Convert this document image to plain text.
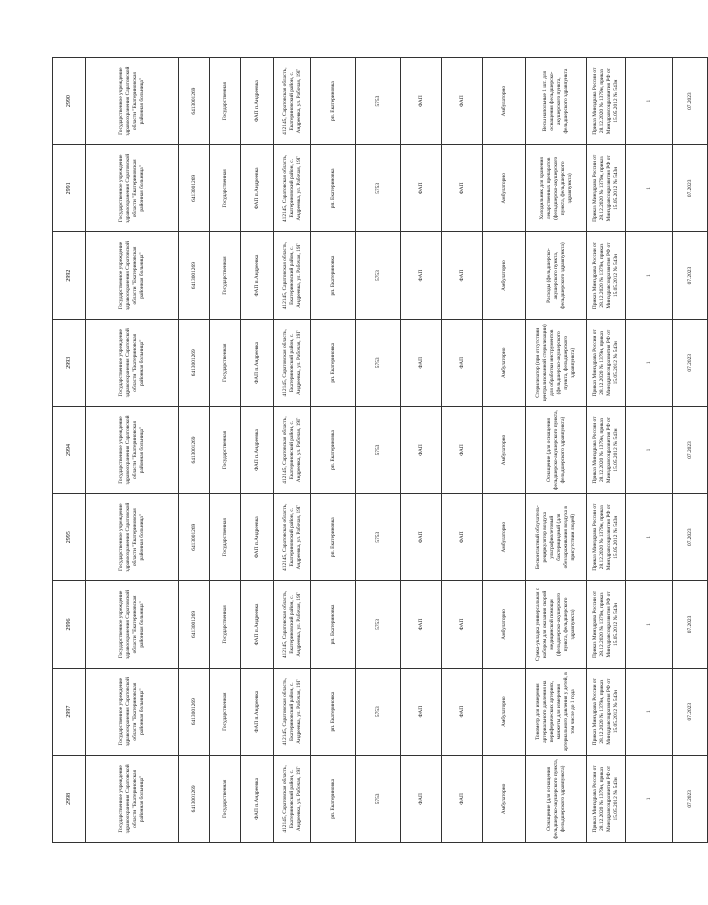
2998	2997	2996	2995	2994	2993	2992	2991	2990
Государственное учреждение здравоохранения Саратовской области "Екатериновская районная больница"	Государственное учреждение здравоохранения Саратовской области "Екатериновская районная больница"	Государственное учреждение здравоохранения Саратовской области "Екатериновская районная больница"	Государственное учреждение здравоохранения Саратовской области "Екатериновская районная больница"	Государственное учреждение здравоохранения Саратовской области "Екатериновская районная больница"	Государственное учреждение здравоохранения Саратовской области "Екатериновская районная больница"	Государственное учреждение здравоохранения Саратовской области "Екатериновская районная больница"	Государственное учреждение здравоохранения Саратовской области "Екатериновская районная больница"	Государственное учреждение здравоохранения Саратовской области "Екатериновская районная больница"
6413001269	6413001269	6413001269	6413001269	6413001269	6413001269	6413001269	6413001269	6413001269
Государственная	Государственная	Государственная	Государственная	Государственная	Государственная	Государственная	Государственная	Государственная
ФАП п.Андреевка	ФАП п.Андреевка	ФАП п.Андреевка	ФАП п.Андреевка	ФАП п.Андреевка	ФАП п.Андреевка	ФАП п.Андреевка	ФАП п.Андреевка	ФАП п.Андреевка
412145, Саратовская область, Екатериновский район, с. Андреевка, ул. Рабочая, 19Г	412145, Саратовская область, Екатериновский район, с. Андреевка, ул. Рабочая, 19Г	412145, Саратовская область, Екатериновский район, с. Андреевка, ул. Рабочая, 19Г	412145, Саратовская область, Екатериновский район, с. Андреевка, ул. Рабочая, 19Г	412145, Саратовская область, Екатериновский район, с. Андреевка, ул. Рабочая, 19Г	412145, Саратовская область, Екатериновский район, с. Андреевка, ул. Рабочая, 19Г	412145, Саратовская область, Екатериновский район, с. Андреевка, ул. Рабочая, 19Г	412145, Саратовская область, Екатериновский район, с. Андреевка, ул. Рабочая, 19Г	412145, Саратовская область, Екатериновский район, с. Андреевка, ул. Рабочая, 19Г
рп. Екатериновка	рп. Екатериновка	рп. Екатериновка	рп. Екатериновка	рп. Екатериновка	рп. Екатериновка	рп. Екатериновка	рп. Екатериновка	рп. Екатериновка
5753	5753	5753	5753	5753	5753	5753	5753	5753
ФАП	ФАП	ФАП	ФАП	ФАП	ФАП	ФАП	ФАП	ФАП
ФАП	ФАП	ФАП	ФАП	ФАП	ФАП	ФАП	ФАП	ФАП
Амбулаторно	Амбулаторно	Амбулаторно	Амбулаторно	Амбулаторно	Амбулаторно	Амбулаторно	Амбулаторно	Амбулаторно
Оснащение (для оснащения фельдшерско-акушерского пункта, фельдшерского здравпункта)	Тонометр для измерения артериального давления на периферических артериях, манжеты для измерения артериального давления у детей, в том числе до 1 года	Сумка-укладка универсальная с набором для оказания скорой медицинской помощи (фельдшерско-акушерского пункта, фельдшерского здравпункта)	Бесконтактный облучатель-рециркулятор воздуха ультрафиолетовый бактерицидный (для обеззараживания воздуха в присутствии людей)	Оснащение (для оснащения фельдшерско-акушерского пункта, фельдшерского здравпункта)	Стерилизатор (при отсутствии централизованной стерилизации) для обработки инструментов (фельдшерско-акушерского пункта, фельдшерского здравпункта)	Расходы (фельдшерско-акушерского пункта, фельдшерского здравпункта)	Холодильник для хранения лекарственных препаратов (фельдшерско-акушерского пункта, фельдшерского здравпункта)	Весы напольные 1 шт. для оснащения фельдшерско-акушерского пункта, фельдшерского здравпункта
Приказ Минздрава России от 28.12.2020 № 1379н, приказ Минздравсоцразвития РФ от 15.05.2012 № 543н	Приказ Минздрава России от 28.12.2020 № 1379н, приказ Минздравсоцразвития РФ от 15.05.2012 № 543н	Приказ Минздрава России от 28.12.2020 № 1379н, приказ Минздравсоцразвития РФ от 15.05.2012 № 543н	Приказ Минздрава России от 28.12.2020 № 1379н, приказ Минздравсоцразвития РФ от 15.05.2012 № 543н	Приказ Минздрава России от 28.12.2020 № 1379н, приказ Минздравсоцразвития РФ от 15.05.2012 № 543н	Приказ Минздрава России от 28.12.2020 № 1379н, приказ Минздравсоцразвития РФ от 15.05.2012 № 543н	Приказ Минздрава России от 28.12.2020 № 1379н, приказ Минздравсоцразвития РФ от 15.05.2012 № 543н	Приказ Минздрава России от 28.12.2020 № 1379н, приказ Минздравсоцразвития РФ от 15.05.2012 № 543н	Приказ Минздрава России от 28.12.2020 № 1379н, приказ Минздравсоцразвития РФ от 15.05.2012 № 543н
1	1	1	1	1	1	1	1	1
07.2023	07.2023	07.2023	07.2023	07.2023	07.2023	07.2023	07.2023	07.2023
